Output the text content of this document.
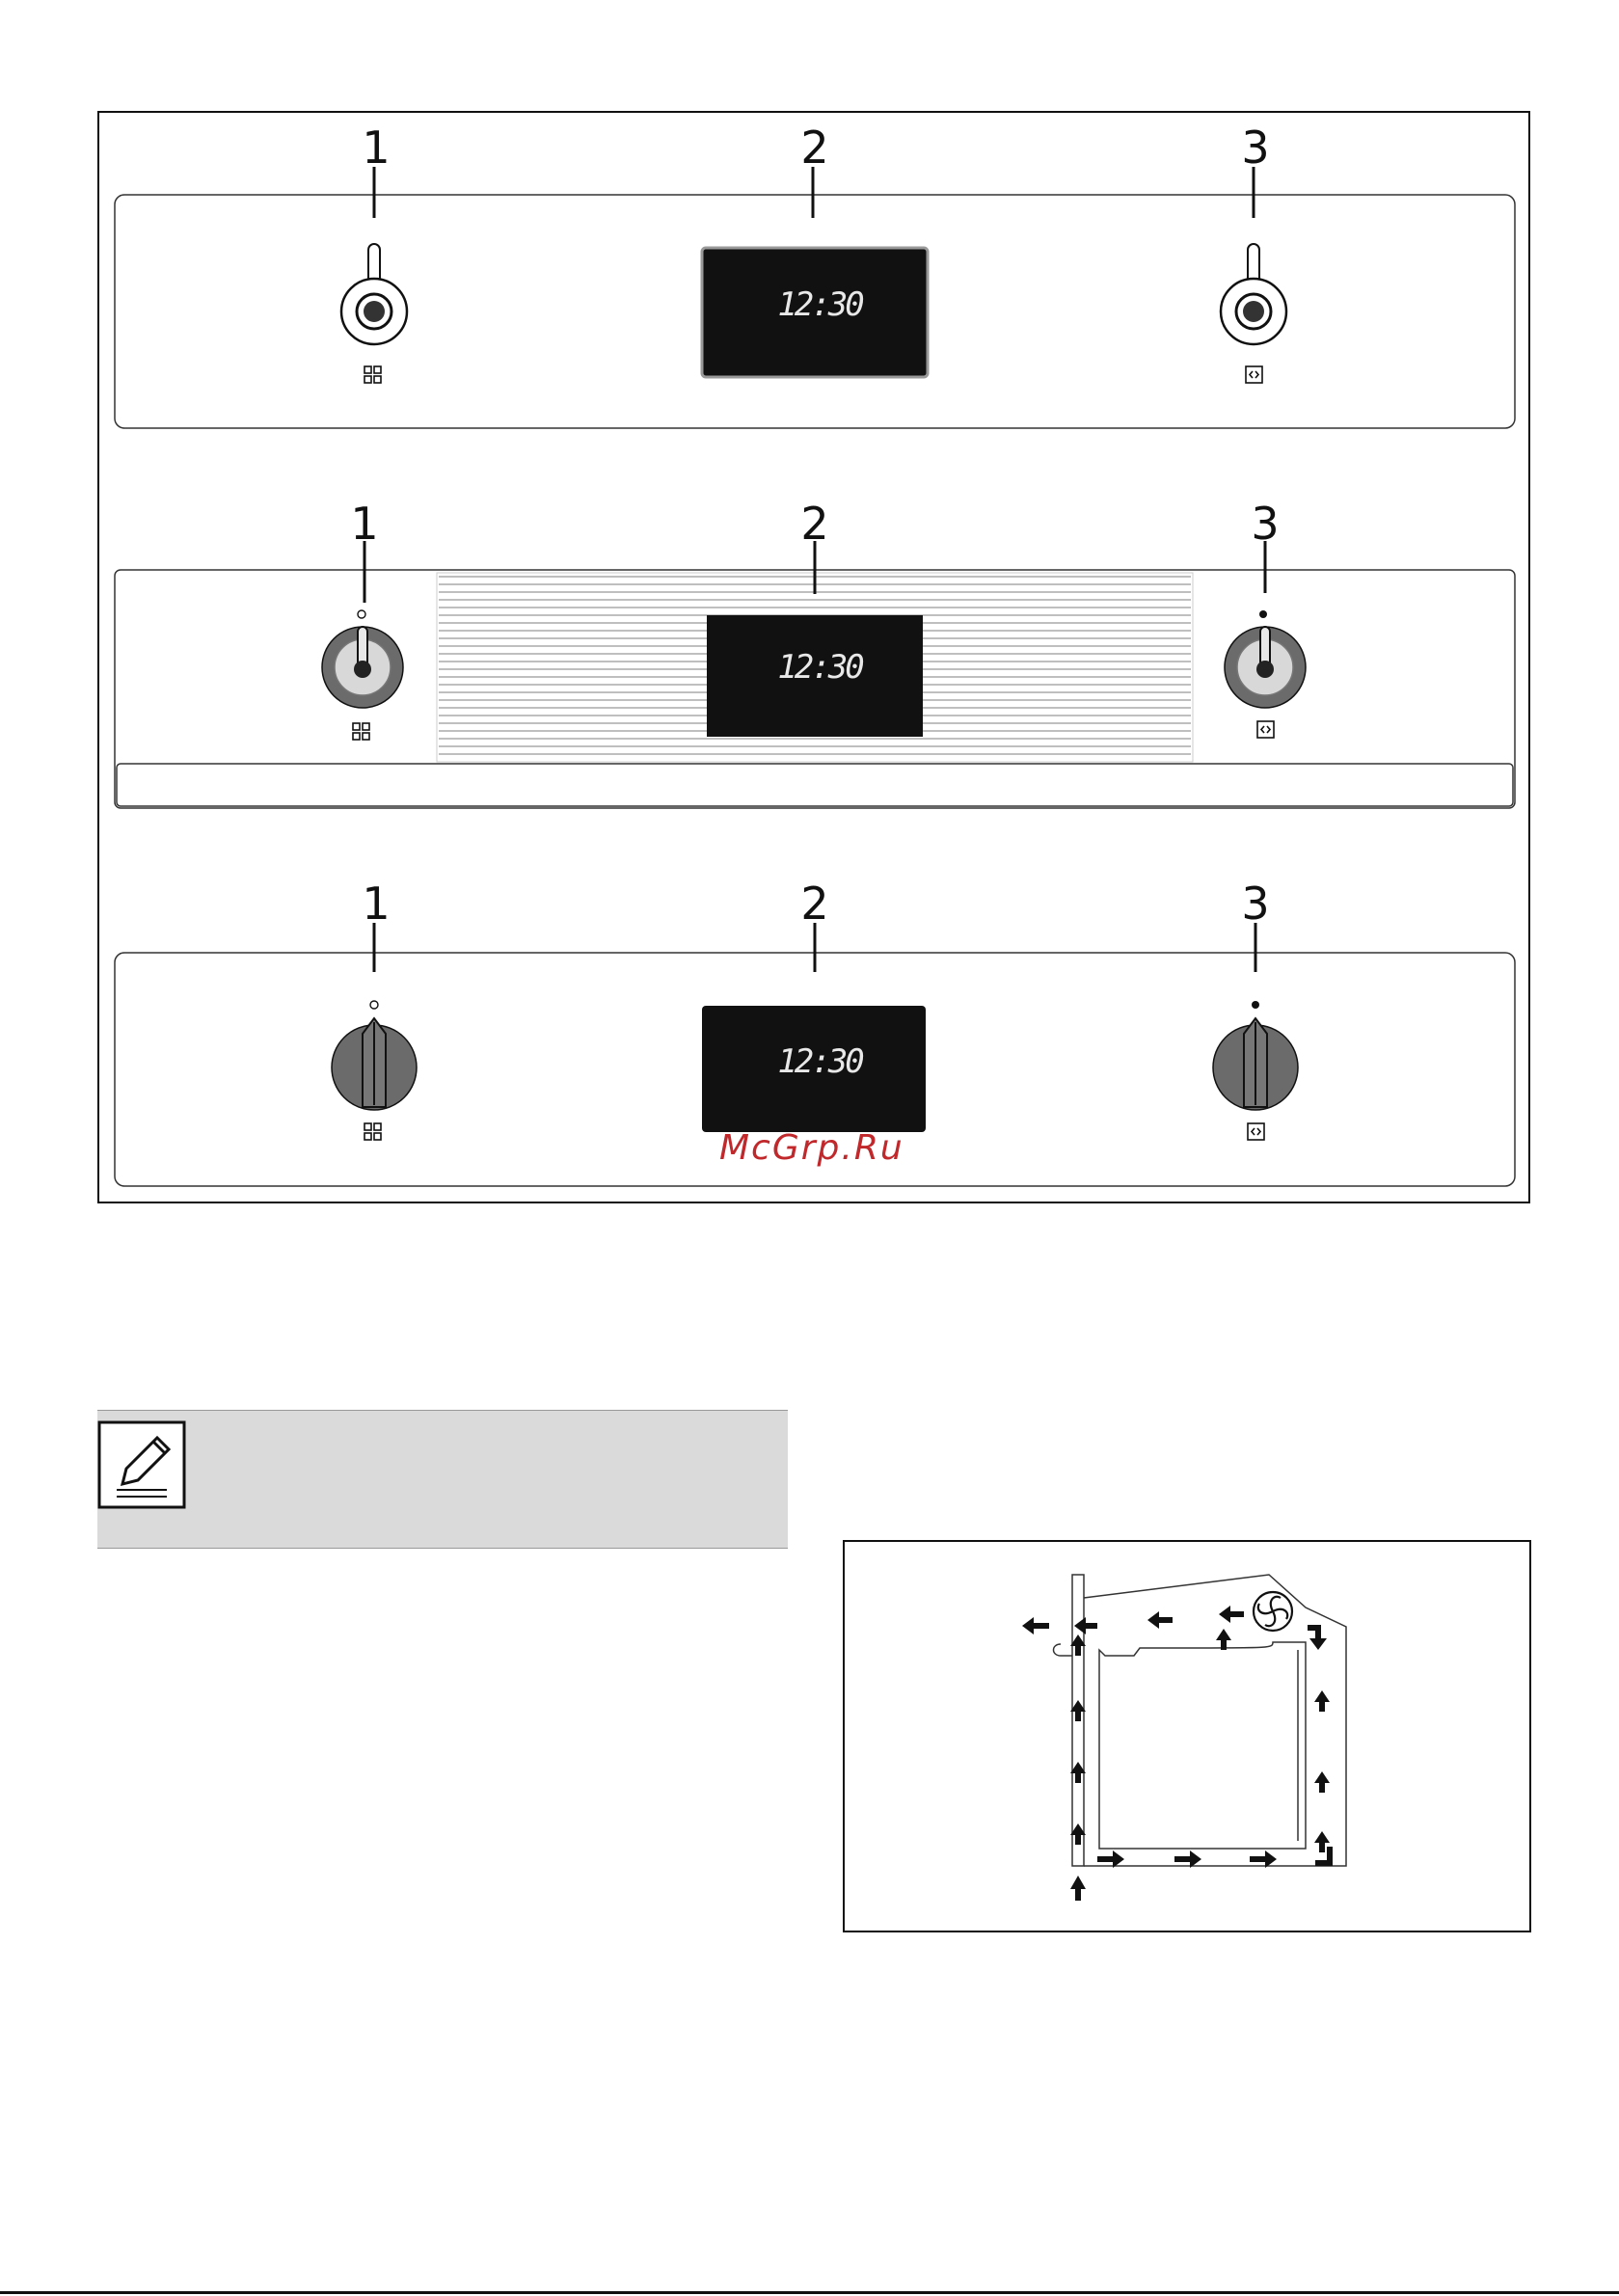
1	2	3
12:30
12:30
12:30
1	2	3
1	2	3
McGrp.Ru
